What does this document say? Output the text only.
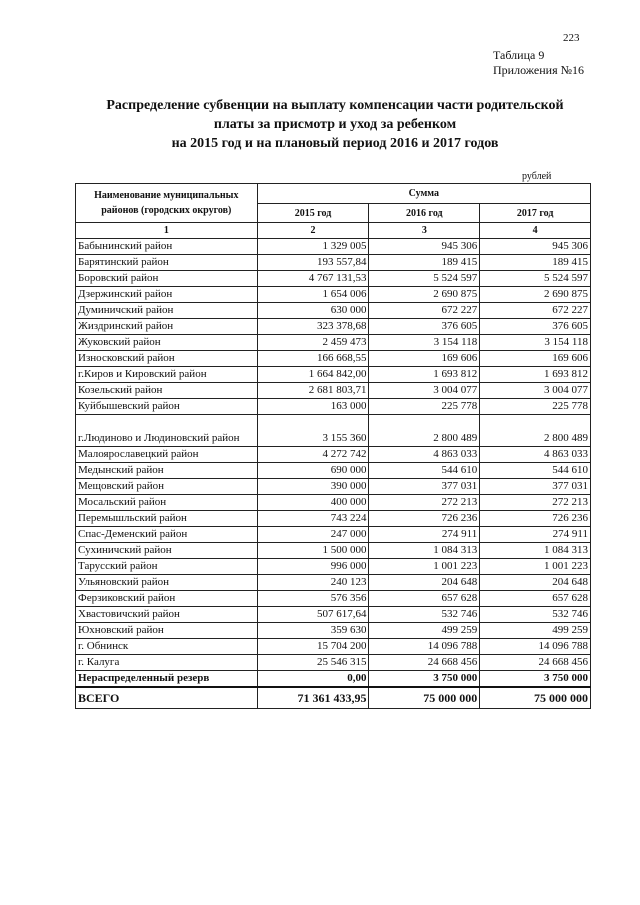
223
Таблица 9
Приложения №16
Распределение субвенции на выплату компенсации части родительской
платы за присмотр и уход за ребенком
на 2015 год и на плановый период 2016 и 2017 годов
рублей
Наименование муниципальных районов (городских округов)	Сумма		
	2015 год	2016 год	2017 год
1	2	3	4
Бабынинский район	1 329 005	945 306	945 306
Барятинский район	193 557,84	189 415	189 415
Боровский район	4 767 131,53	5 524 597	5 524 597
Дзержинский район	1 654 006	2 690 875	2 690 875
Думиничский район	630 000	672 227	672 227
Жиздринский район	323 378,68	376 605	376 605
Жуковский район	2 459 473	3 154 118	3 154 118
Износковский район	166 668,55	169 606	169 606
г.Киров и Кировский район	1 664 842,00	1 693 812	1 693 812
Козельский район	2 681 803,71	3 004 077	3 004 077
Куйбышевский район	163 000	225 778	225 778
г.Людиново и Людиновский район	3 155 360	2 800 489	2 800 489
Малоярославецкий район	4 272 742	4 863 033	4 863 033
Медынский район	690 000	544 610	544 610
Мещовский район	390 000	377 031	377 031
Мосальский район	400 000	272 213	272 213
Перемышльский район	743 224	726 236	726 236
Спас-Деменский район	247 000	274 911	274 911
Сухиничский район	1 500 000	1 084 313	1 084 313
Тарусский район	996 000	1 001 223	1 001 223
Ульяновский район	240 123	204 648	204 648
Ферзиковский район	576 356	657 628	657 628
Хвастовичский район	507 617,64	532 746	532 746
Юхновский район	359 630	499 259	499 259
г. Обнинск	15 704 200	14 096 788	14 096 788
г. Калуга	25 546 315	24 668 456	24 668 456
Нераспределенный резерв	0,00	3 750 000	3 750 000
ВСЕГО	71 361 433,95	75 000 000	75 000 000
